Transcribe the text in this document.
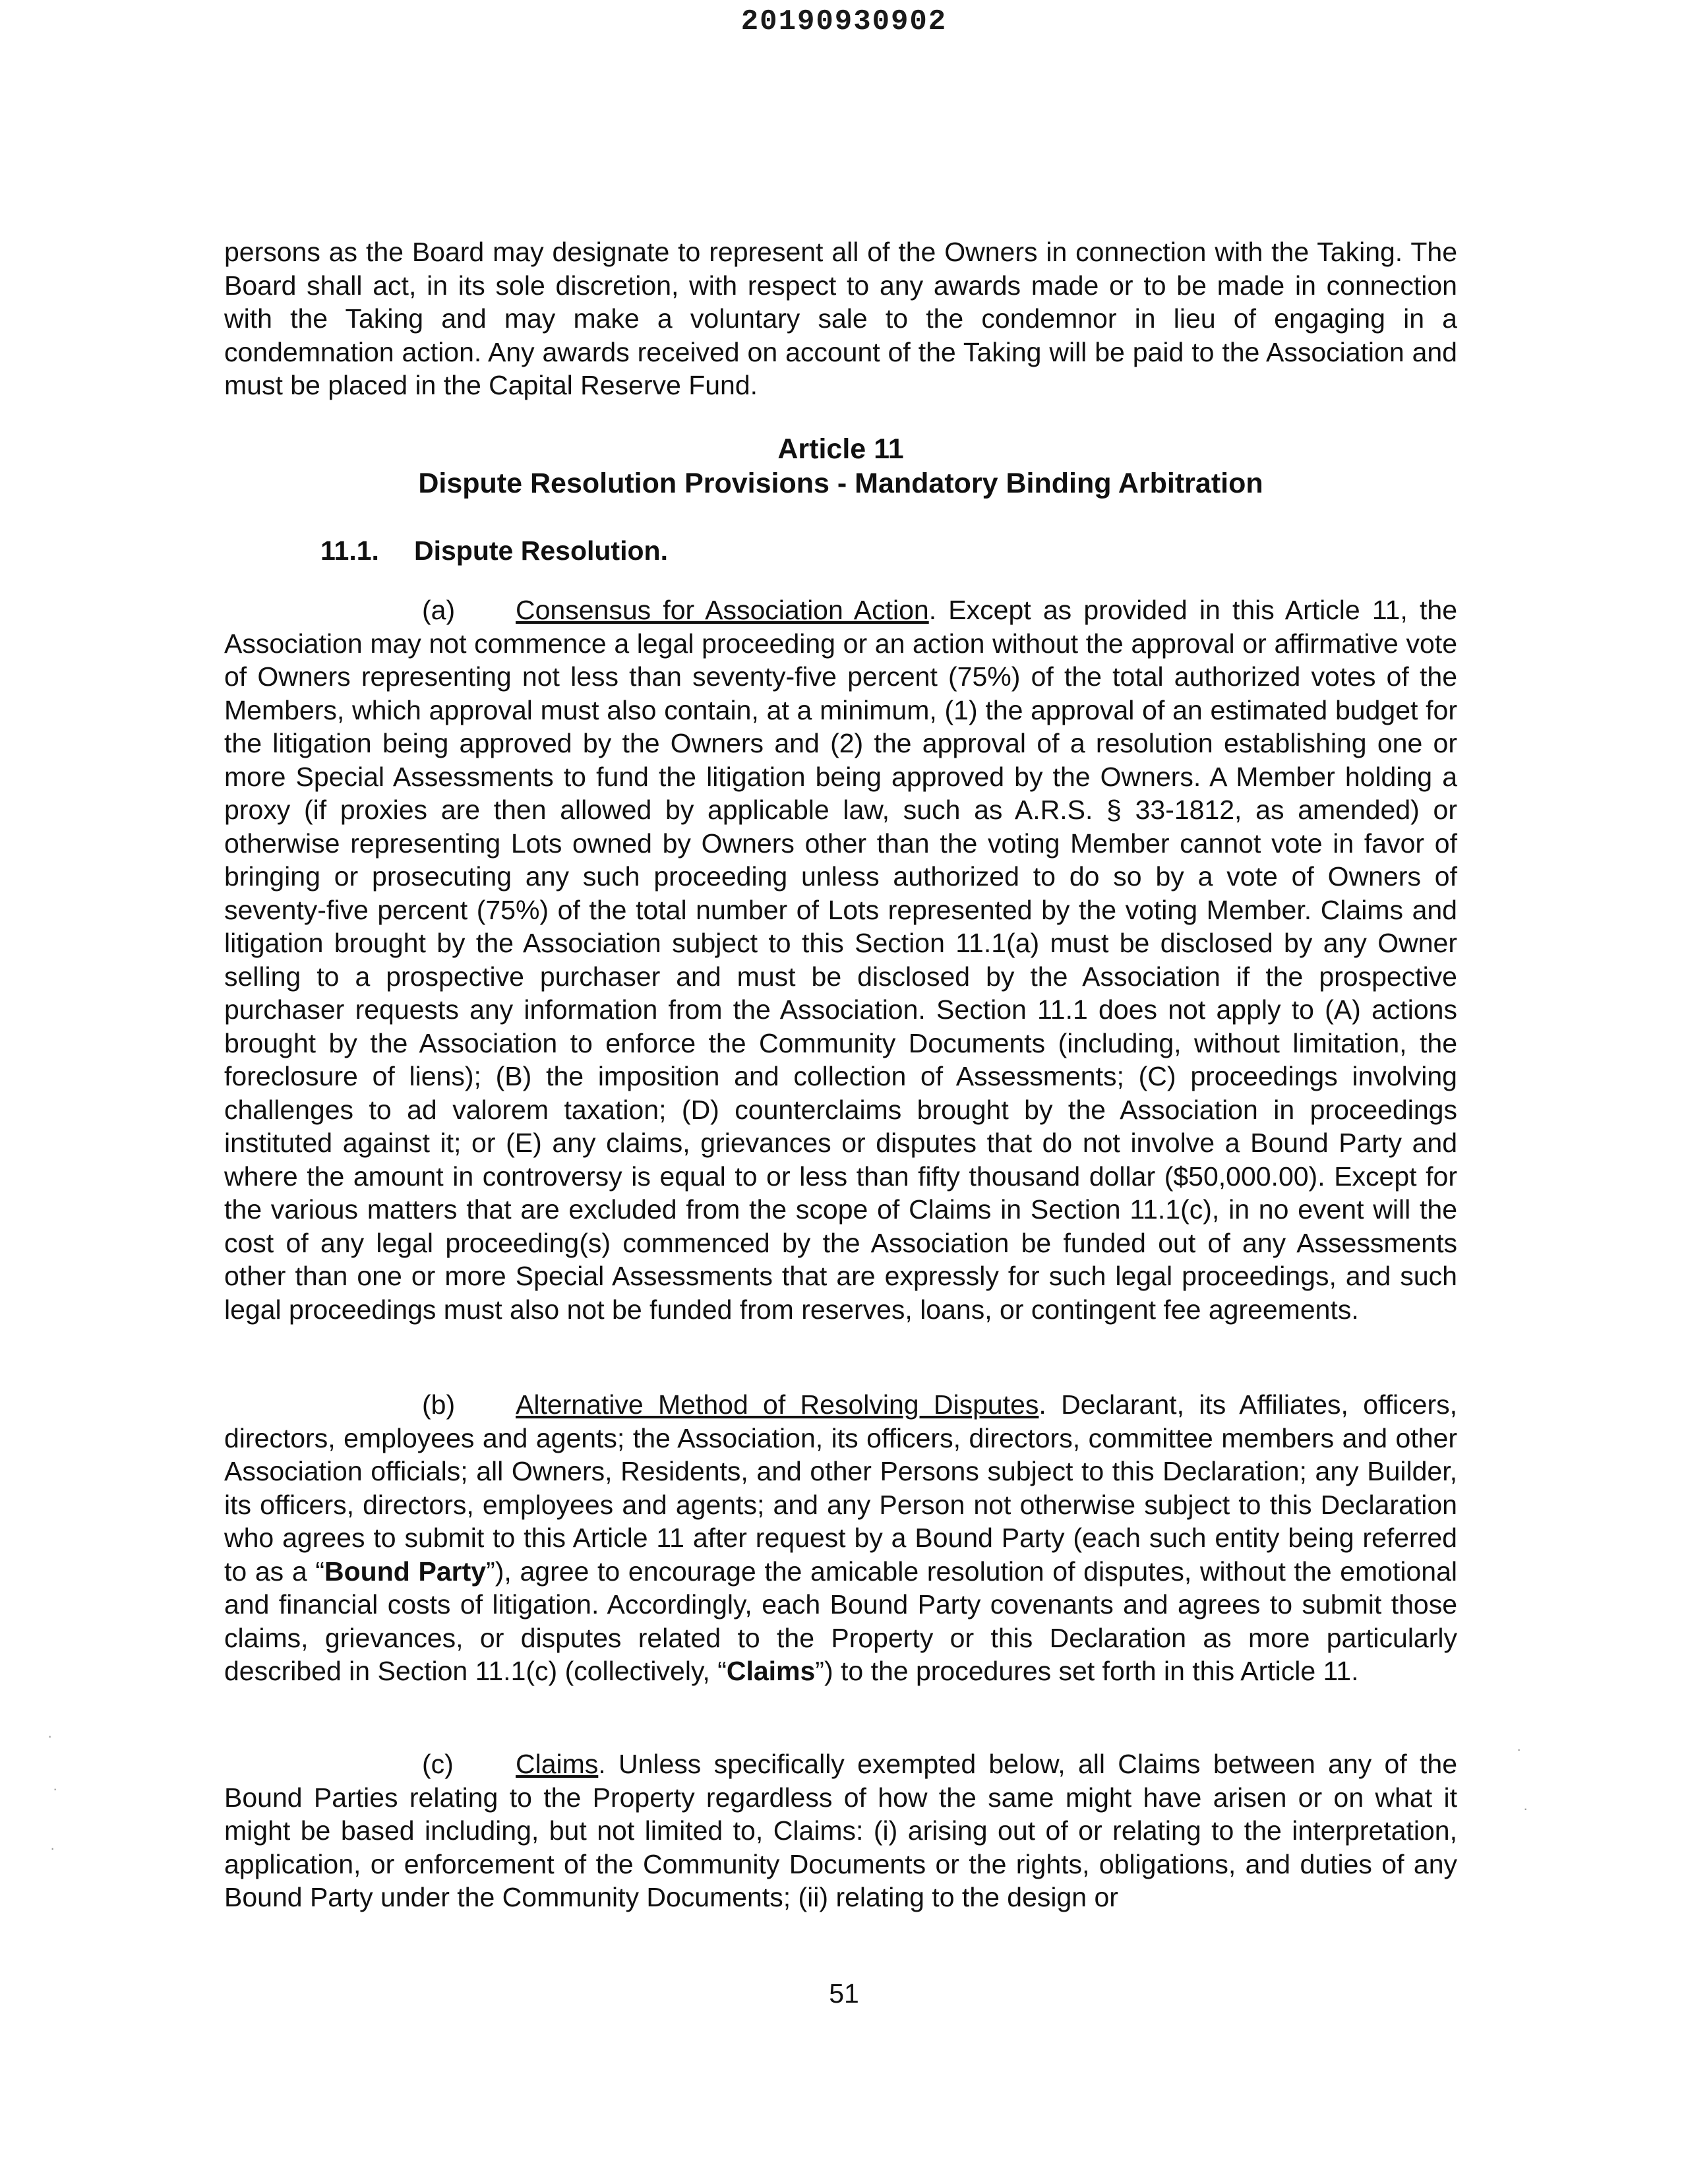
20190930902

persons as the Board may designate to represent all of the Owners in connection with the Taking. The Board shall act, in its sole discretion, with respect to any awards made or to be made in connection with the Taking and may make a voluntary sale to the condemnor in lieu of engaging in a condemnation action. Any awards received on account of the Taking will be paid to the Association and must be placed in the Capital Reserve Fund.

Article 11
Dispute Resolution Provisions - Mandatory Binding Arbitration
11.1. Dispute Resolution.

(a) Consensus for Association Action. Except as provided in this Article 11, the Association may not commence a legal proceeding or an action without the approval or affirmative vote of Owners representing not less than seventy-five percent (75%) of the total authorized votes of the Members, which approval must also contain, at a minimum, (1) the approval of an estimated budget for the litigation being approved by the Owners and (2) the approval of a resolution establishing one or more Special Assessments to fund the litigation being approved by the Owners. A Member holding a proxy (if proxies are then allowed by applicable law, such as A.R.S. § 33-1812, as amended) or otherwise representing Lots owned by Owners other than the voting Member cannot vote in favor of bringing or prosecuting any such proceeding unless authorized to do so by a vote of Owners of seventy-five percent (75%) of the total number of Lots represented by the voting Member. Claims and litigation brought by the Association subject to this Section 11.1(a) must be disclosed by any Owner selling to a prospective purchaser and must be disclosed by the Association if the prospective purchaser requests any information from the Association. Section 11.1 does not apply to (A) actions brought by the Association to enforce the Community Documents (including, without limitation, the foreclosure of liens); (B) the imposition and collection of Assessments; (C) proceedings involving challenges to ad valorem taxation; (D) counterclaims brought by the Association in proceedings instituted against it; or (E) any claims, grievances or disputes that do not involve a Bound Party and where the amount in controversy is equal to or less than fifty thousand dollar ($50,000.00). Except for the various matters that are excluded from the scope of Claims in Section 11.1(c), in no event will the cost of any legal proceeding(s) commenced by the Association be funded out of any Assessments other than one or more Special Assessments that are expressly for such legal proceedings, and such legal proceedings must also not be funded from reserves, loans, or contingent fee agreements.

(b) Alternative Method of Resolving Disputes. Declarant, its Affiliates, officers, directors, employees and agents; the Association, its officers, directors, committee members and other Association officials; all Owners, Residents, and other Persons subject to this Declaration; any Builder, its officers, directors, employees and agents; and any Person not otherwise subject to this Declaration who agrees to submit to this Article 11 after request by a Bound Party (each such entity being referred to as a “Bound Party”), agree to encourage the amicable resolution of disputes, without the emotional and financial costs of litigation. Accordingly, each Bound Party covenants and agrees to submit those claims, grievances, or disputes related to the Property or this Declaration as more particularly described in Section 11.1(c) (collectively, “Claims”) to the procedures set forth in this Article 11.

(c) Claims. Unless specifically exempted below, all Claims between any of the Bound Parties relating to the Property regardless of how the same might have arisen or on what it might be based including, but not limited to, Claims: (i) arising out of or relating to the interpretation, application, or enforcement of the Community Documents or the rights, obligations, and duties of any Bound Party under the Community Documents; (ii) relating to the design or

51
·
·
·
·
·
